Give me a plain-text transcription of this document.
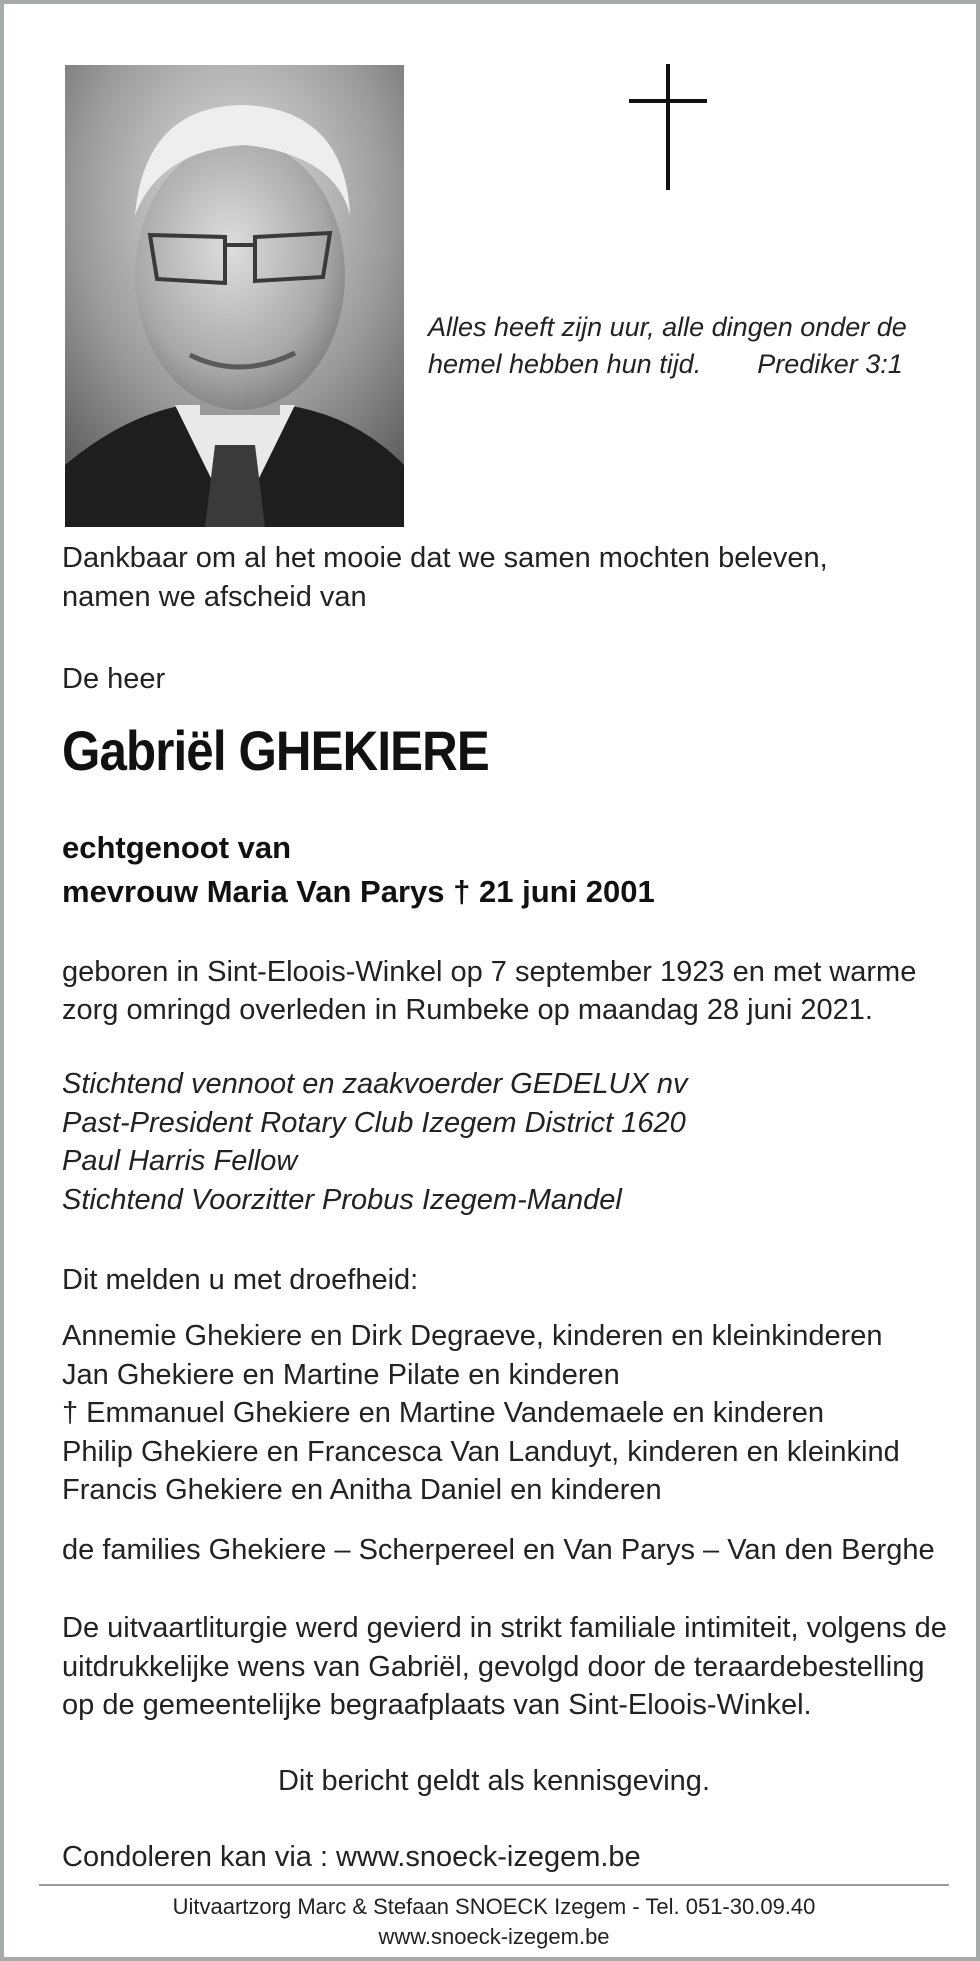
Alles heeft zijn uur, alle dingen onder de
hemel hebben hun tijd. Prediker 3:1
Dankbaar om al het mooie dat we samen mochten beleven,
namen we afscheid van
De heer
Gabriël GHEKIERE
echtgenoot van
mevrouw Maria Van Parys † 21 juni 2001
geboren in Sint-Eloois-Winkel op 7 september 1923 en met warme
zorg omringd overleden in Rumbeke op maandag 28 juni 2021.
Stichtend vennoot en zaakvoerder GEDELUX nv
Past-President Rotary Club Izegem District 1620
Paul Harris Fellow
Stichtend Voorzitter Probus Izegem-Mandel
Dit melden u met droefheid:
Annemie Ghekiere en Dirk Degraeve, kinderen en kleinkinderen
Jan Ghekiere en Martine Pilate en kinderen
† Emmanuel Ghekiere en Martine Vandemaele en kinderen
Philip Ghekiere en Francesca Van Landuyt, kinderen en kleinkind
Francis Ghekiere en Anitha Daniel en kinderen
de families Ghekiere – Scherpereel en Van Parys – Van den Berghe
De uitvaartliturgie werd gevierd in strikt familiale intimiteit, volgens de
uitdrukkelijke wens van Gabriël, gevolgd door de teraardebestelling
op de gemeentelijke begraafplaats van Sint-Eloois-Winkel.
Dit bericht geldt als kennisgeving.
Condoleren kan via : www.snoeck-izegem.be
Uitvaartzorg Marc & Stefaan SNOECK Izegem - Tel. 051-30.09.40
www.snoeck-izegem.be
